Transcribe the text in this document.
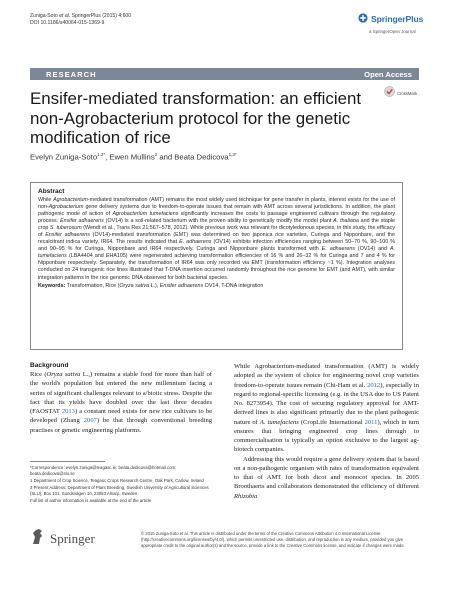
Zuniga-Soto et al. SpringerPlus (2015) 4:600
DOI 10.1186/s40064-015-1369-9	SpringerPlus
a SpringerOpen Journal
RESEARCH	Open Access
CrossMark
Ensifer-mediated transformation: an efficient non-Agrobacterium protocol for the genetic modification of rice
Evelyn Zuniga-Soto$^{1,2*}$, Ewen Mullins$^2$ and Beata Dedicova$^{1,3*}$
Abstract
While Agrobacterium-mediated transformation (AMT) remains the most widely used technique for gene transfer in plants, interest exists for the use of non-Agrobacterium gene delivery systems due to freedom-to-operate issues that remain with AMT across several jurisdictions. In addition, the plant pathogenic mode of action of Agrobacterium tumefaciens significantly increases the costs to passage engineered cultivars through the regulatory process. Ensifer adhaerens (OV14) is a soil-related bacterium with the proven ability to genetically modify the model plant A. thaliana and the staple crop S. tuberosum (Wendt et al., Trans Res 21:567–578, 2012). While previous work was relevant for dicotyledonous species, in this study, the efficacy of Ensifer adhaerens (OV14)-mediated transformation (EMT) was determined on two japonica rice varieties, Curinga and Nipponbare, and the recalcitrant indica variety, IR64. The results indicated that E. adhaerens (OV14) exhibits infection efficiencies ranging between 50–70 %, 90–100 % and 90–95 % for Curinga, Nipponbare and IR64 respectively. Curinga and Nipponbare plants transformed with E. adhaerens (OV14) and A. tumefaciens (LBA4404 and EHA105) were regenerated achieving transformation efficiencies of 16 % and 26–32 % for Curinga and 7 and 4 % for Nipponbare respectively. Separately, the transformation of IR64 was only recorded via EMT (transformation efficiency ~1 %). Integration analyses conducted on 24 transgenic rice lines illustrated that T-DNA insertion occurred randomly throughout the rice genome for EMT (and AMT), with similar integration patterns in the rice genomic DNA observed for both bacterial species.
Keywords: Transformation, Rice (Oryza sativa L.), Ensifer adhaerens OV14, T-DNA integration
Background

Rice (Oryza sativa L.,) remains a stable food for more than half of the world's population but entered the new millennium facing a series of significant challenges relevant to a/biotic stress. Despite the fact that its yields have doubled over the last three decades (FAOSTAT 2013) a constant need exists for new rice cultivars to be developed (Zhang 2007) be that through conventional breeding practises or genetic engineering platforms.

While Agrobacterium-mediated transformation (AMT) is widely adopted as the system of choice for engineering novel crop varieties freedom-to-operate issues remain (Chi-Ham et al. 2012), especially in regard to regional-specific licensing (e.g. in the USA due to US Patent No. 8273954). The cost of securing regulatory approval for AMT-derived lines is also significant primarily due to the plant pathogenic nature of A. tumefaciens (CropLife International 2011), which in turn ensures that bringing engineered crop lines through to commercialisation is typically an option exclusive to the largest ag-biotech companies.

Addressing this would require a gene delivery system that is based on a non-pathogenic organism with rates of transformation equivalent to that of AMT for both dicot and monocot species. In 2005 Broothaerts and collaborators demonstrated the efficiency of different Rhizobia

*Correspondence: evelyn.zuniga@teagasc.ie; beata.dedicova@hotmail.com; beata.dedicova@slu.se

1 Department of Crop Science, Teagasc Crops Research Centre, Oak Park, Carlow, Ireland

3 Present Address: Department of Plant Breeding, Swedish University of Agricultural Sciences (SLU), Box 101, Sundsvägen 10, 23053 Alnarp, Sweden

Full list of author information is available at the end of the article

Springer	© 2015 Zuniga-Soto et al. This article is distributed under the terms of the Creative Commons Attribution 4.0 International License (http://creativecommons.org/licenses/by/4.0/), which permits unrestricted use, distribution, and reproduction in any medium, provided you give appropriate credit to the original author(s) and the source, provide a link to the Creative Commons license, and indicate if changes were made.
